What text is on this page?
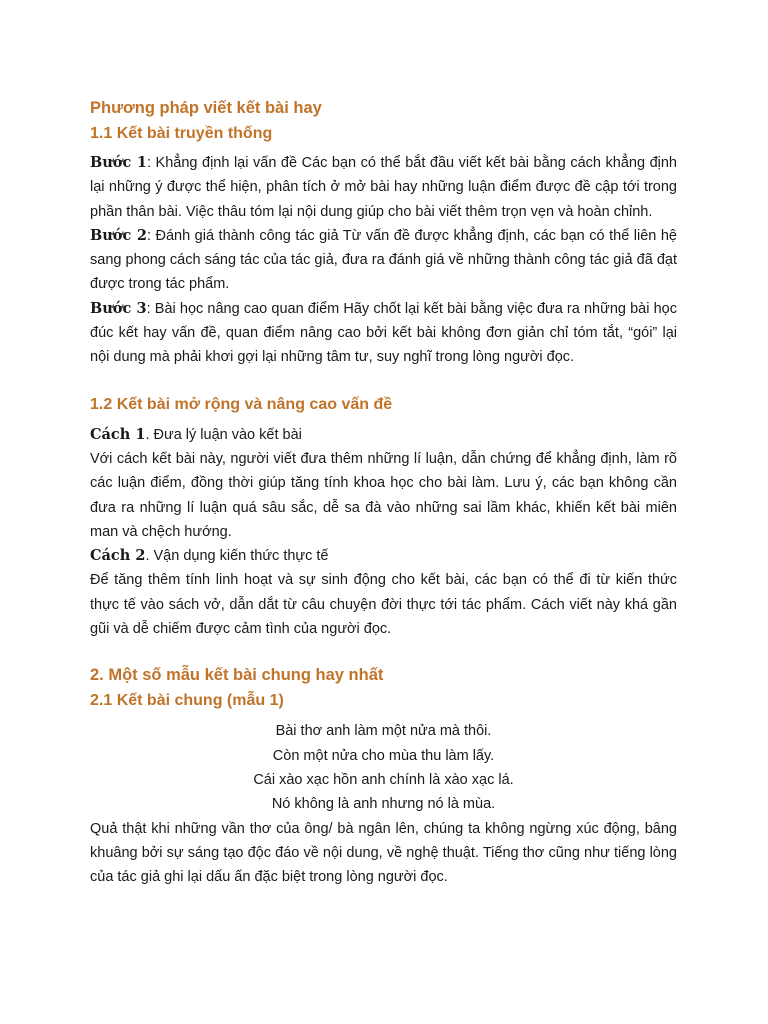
Phương pháp viết kết bài hay
1.1 Kết bài truyền thống

Bước 1: Khẳng định lại vấn đề Các bạn có thể bắt đầu viết kết bài bằng cách khẳng định lại những ý được thể hiện, phân tích ở mở bài hay những luận điểm được đề cập tới trong phần thân bài. Việc thâu tóm lại nội dung giúp cho bài viết thêm trọn vẹn và hoàn chỉnh.

Bước 2: Đánh giá thành công tác giả Từ vấn đề được khẳng định, các bạn có thể liên hệ sang phong cách sáng tác của tác giả, đưa ra đánh giá về những thành công tác giả đã đạt được trong tác phẩm.

Bước 3: Bài học nâng cao quan điểm Hãy chốt lại kết bài bằng việc đưa ra những bài học đúc kết hay vấn đề, quan điểm nâng cao bởi kết bài không đơn giản chỉ tóm tắt, “gói” lại nội dung mà phải khơi gợi lại những tâm tư, suy nghĩ trong lòng người đọc.

1.2 Kết bài mở rộng và nâng cao vấn đề

Cách 1. Đưa lý luận vào kết bài

Với cách kết bài này, người viết đưa thêm những lí luận, dẫn chứng để khẳng định, làm rõ các luận điểm, đồng thời giúp tăng tính khoa học cho bài làm. Lưu ý, các bạn không cần đưa ra những lí luận quá sâu sắc, dễ sa đà vào những sai lầm khác, khiến kết bài miên man và chệch hướng.

Cách 2. Vận dụng kiến thức thực tế

Để tăng thêm tính linh hoạt và sự sinh động cho kết bài, các bạn có thể đi từ kiến thức thực tế vào sách vở, dẫn dắt từ câu chuyện đời thực tới tác phẩm. Cách viết này khá gần gũi và dễ chiếm được cảm tình của người đọc.

2. Một số mẫu kết bài chung hay nhất
2.1 Kết bài chung (mẫu 1)
Bài thơ anh làm một nửa mà thôi.
Còn một nửa cho mùa thu làm lấy.
Cái xào xạc hồn anh chính là xào xạc lá.
Nó không là anh nhưng nó là mùa.

Quả thật khi những vần thơ của ông/ bà ngân lên, chúng ta không ngừng xúc động, bâng khuâng bởi sự sáng tạo độc đáo về nội dung, về nghệ thuật. Tiếng thơ cũng như tiếng lòng của tác giả ghi lại dấu ấn đặc biệt trong lòng người đọc.
